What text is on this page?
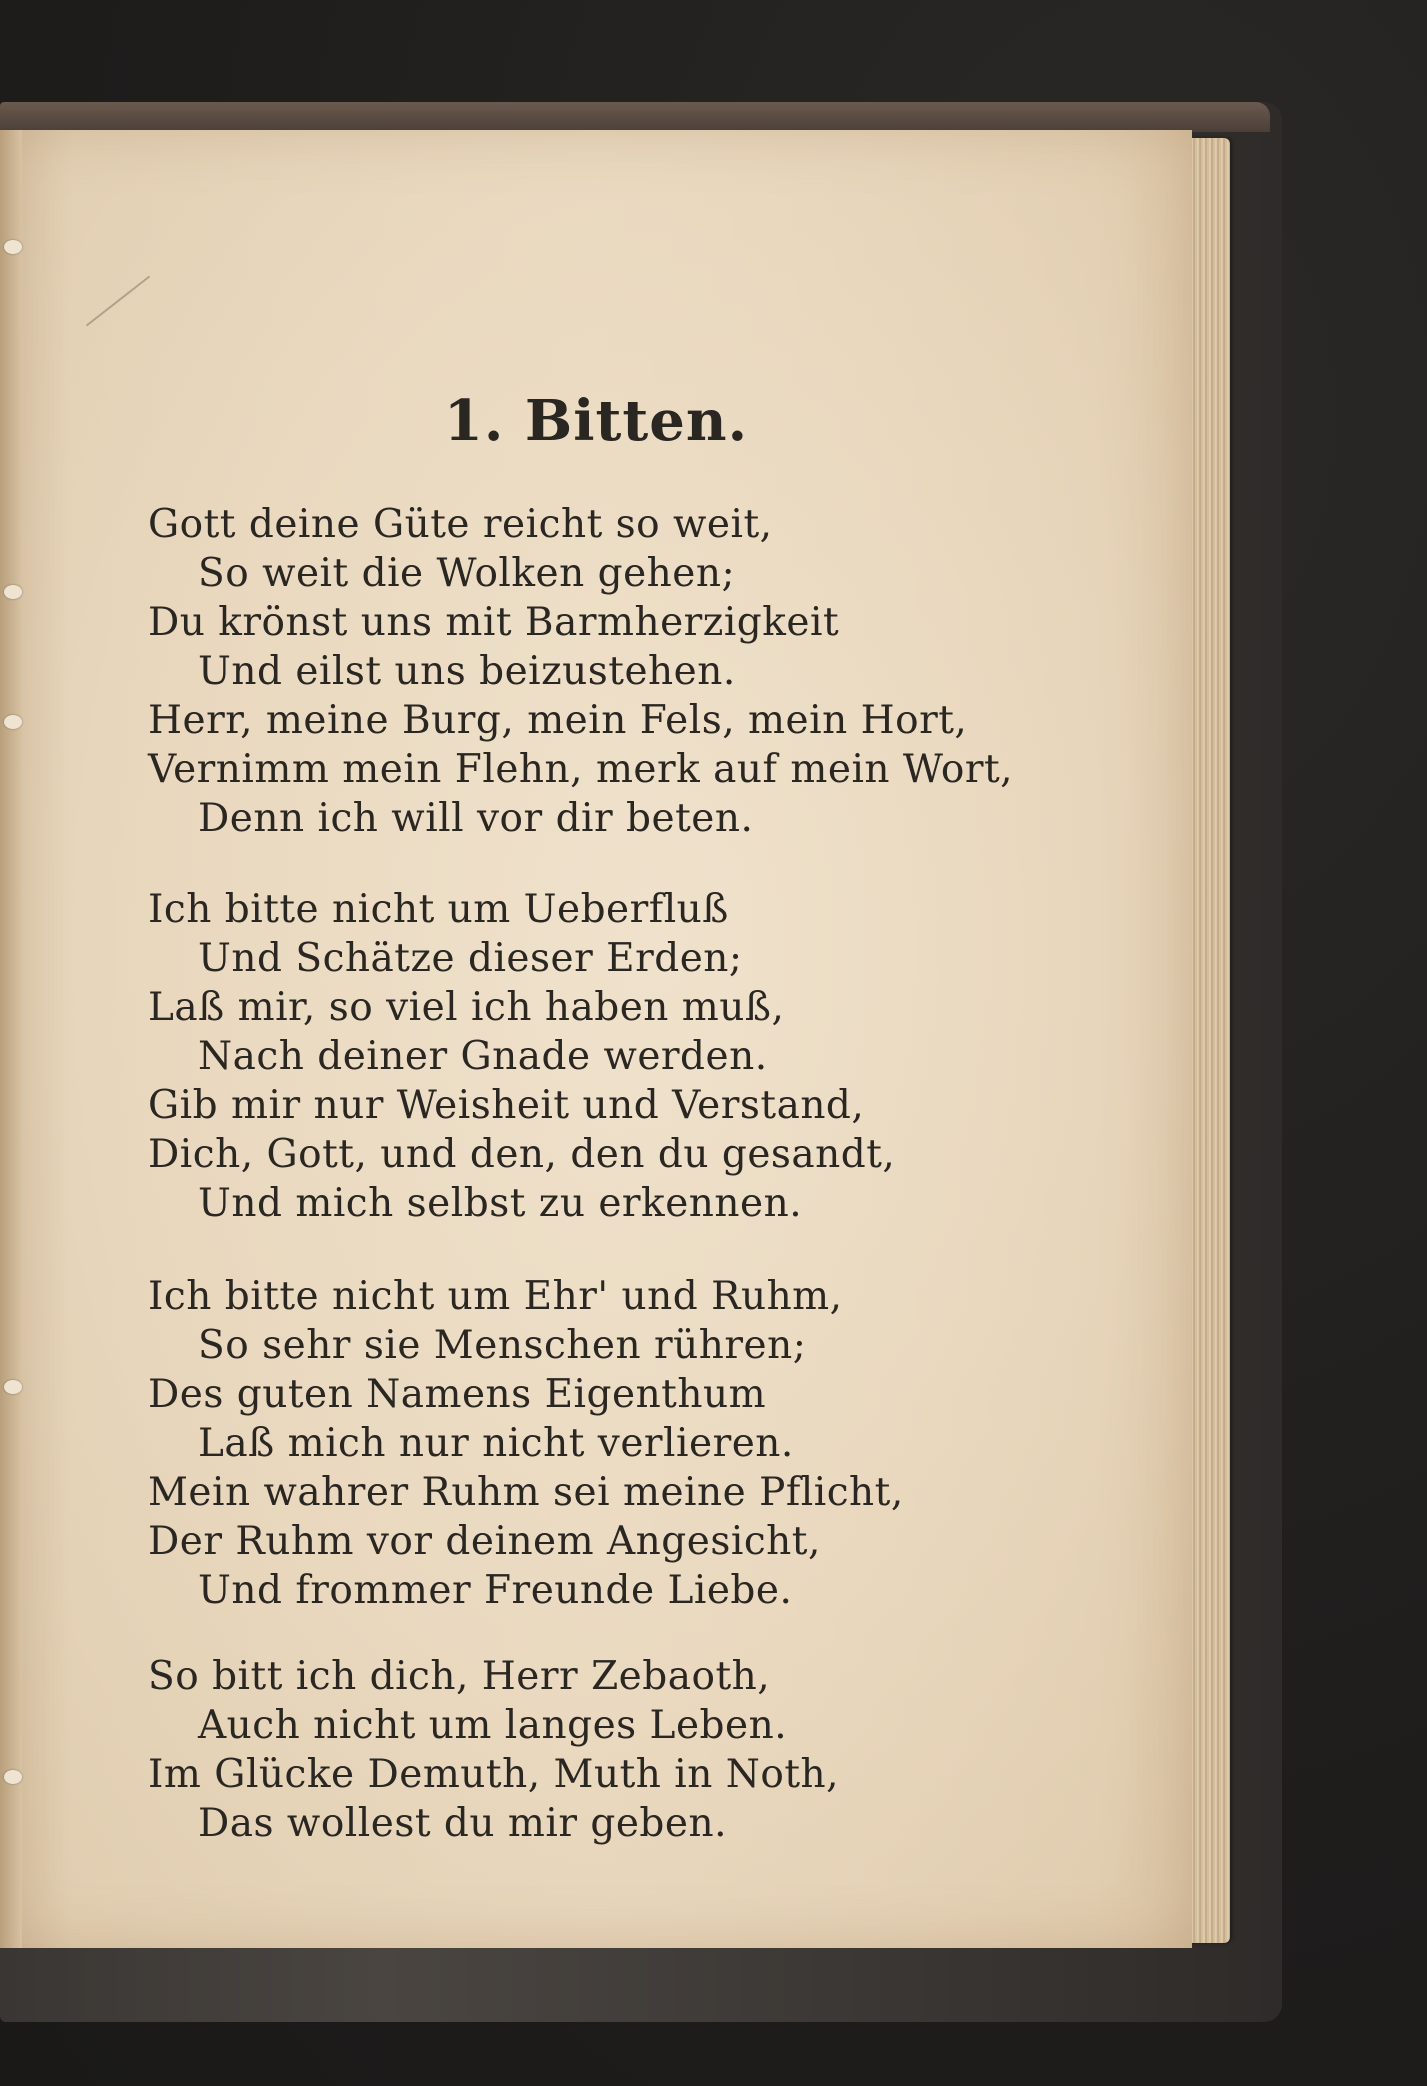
1. Bitten.
Gott deine Güte reicht so weit,
So weit die Wolken gehen;
Du krönst uns mit Barmherzigkeit
Und eilst uns beizustehen.
Herr, meine Burg, mein Fels, mein Hort,
Vernimm mein Flehn, merk auf mein Wort,
Denn ich will vor dir beten.
Ich bitte nicht um Ueberfluß
Und Schätze dieser Erden;
Laß mir, so viel ich haben muß,
Nach deiner Gnade werden.
Gib mir nur Weisheit und Verstand,
Dich, Gott, und den, den du gesandt,
Und mich selbst zu erkennen.
Ich bitte nicht um Ehr' und Ruhm,
So sehr sie Menschen rühren;
Des guten Namens Eigenthum
Laß mich nur nicht verlieren.
Mein wahrer Ruhm sei meine Pflicht,
Der Ruhm vor deinem Angesicht,
Und frommer Freunde Liebe.
So bitt ich dich, Herr Zebaoth,
Auch nicht um langes Leben.
Im Glücke Demuth, Muth in Noth,
Das wollest du mir geben.
